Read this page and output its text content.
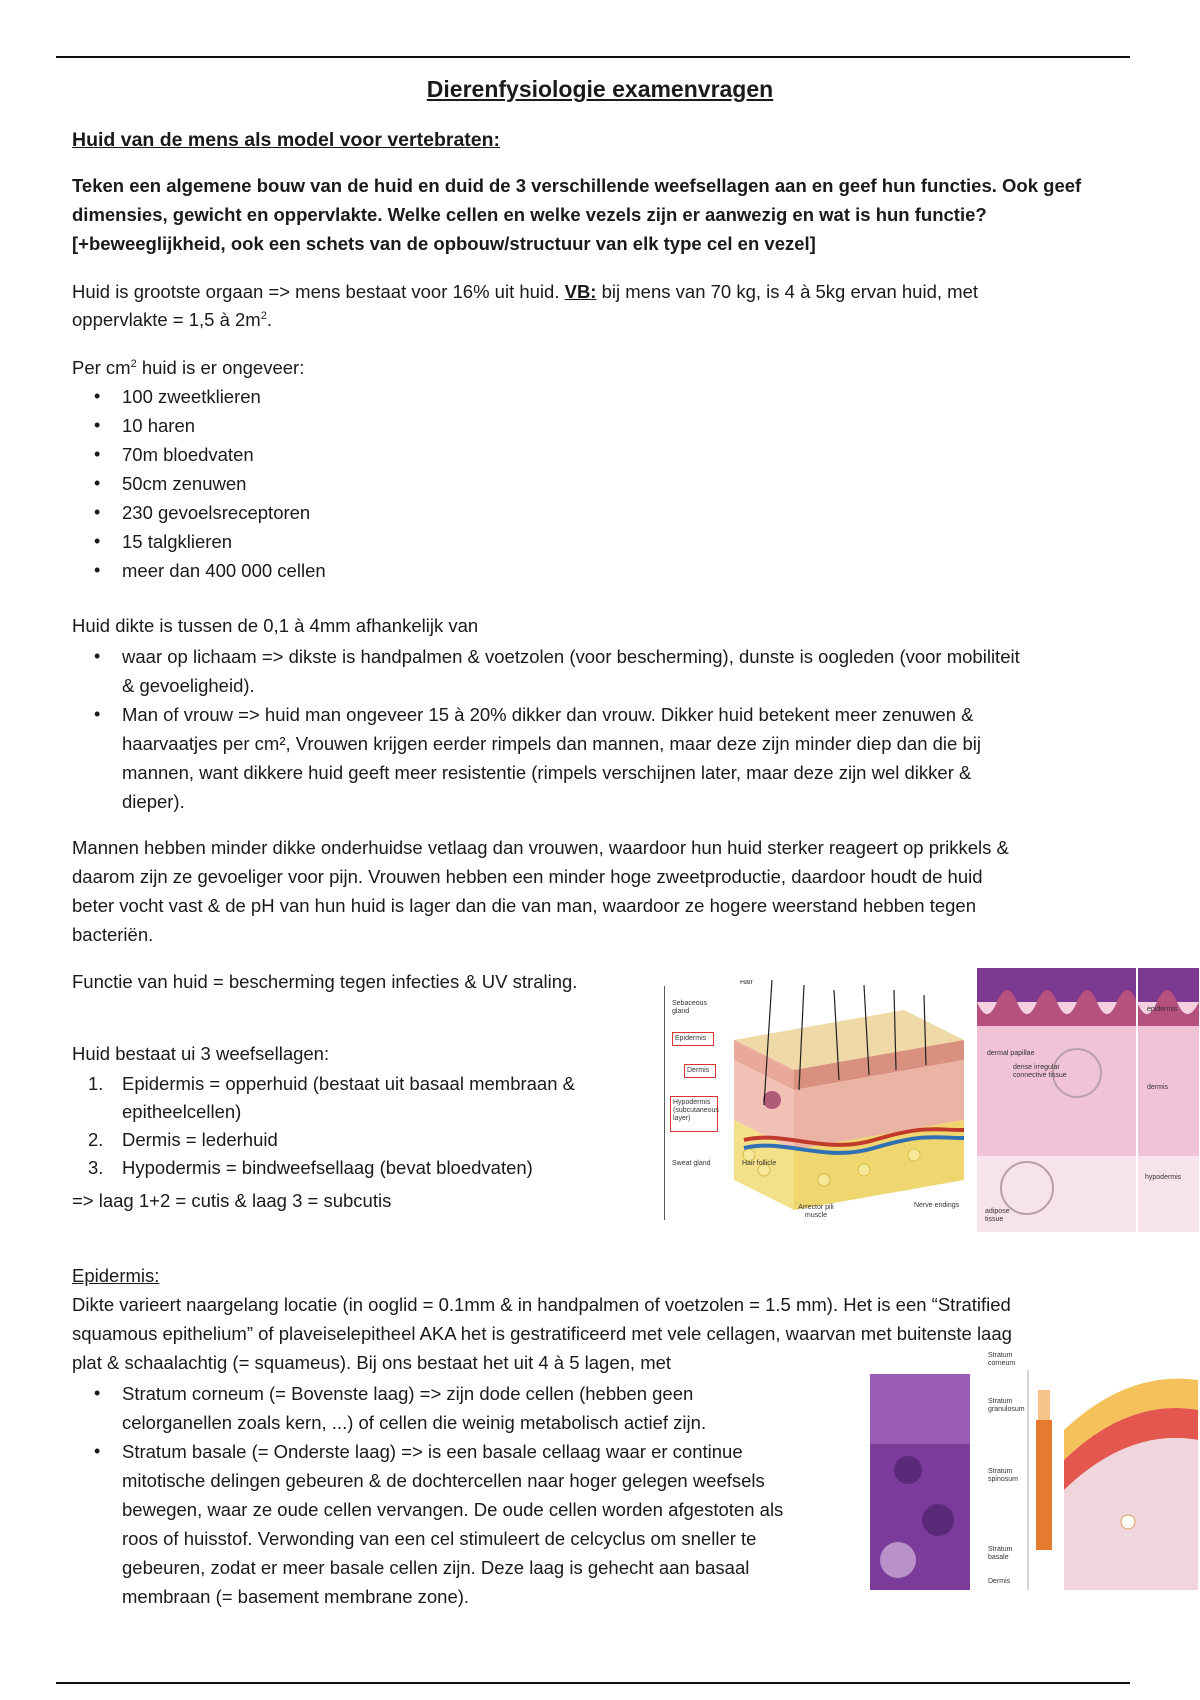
Dierenfysiologie examenvragen

Huid van de mens als model voor vertebraten:

Teken een algemene bouw van de huid en duid de 3 verschillende weefsellagen aan en geef hun functies. Ook geef

dimensies, gewicht en oppervlakte. Welke cellen en welke vezels zijn er aanwezig en wat is hun functie?

[+beweeglijkheid, ook een schets van de opbouw/structuur van elk type cel en vezel]

Huid is grootste orgaan => mens bestaat voor 16% uit huid. VB: bij mens van 70 kg, is 4 à 5kg ervan huid, met

oppervlakte = 1,5 à $2m^2$.

Per $cm^2$ huid is er ongeveer:

• 100 zweetklieren
• 10 haren
• 70m bloedvaten
• 50cm zenuwen
• 230 gevoelsreceptoren
• 15 talgklieren
• meer dan 400 000 cellen

Huid dikte is tussen de 0,1 à 4mm afhankelijk van

• waar op lichaam => dikste is handpalmen & voetzolen (voor bescherming), dunste is oogleden (voor mobiliteit
& gevoeligheid).
• Man of vrouw => huid man ongeveer 15 à 20% dikker dan vrouw. Dikker huid betekent meer zenuwen &
haarvaatjes per cm², Vrouwen krijgen eerder rimpels dan mannen, maar deze zijn minder diep dan die bij
mannen, want dikkere huid geeft meer resistentie (rimpels verschijnen later, maar deze zijn wel dikker &
dieper).

Mannen hebben minder dikke onderhuidse vetlaag dan vrouwen, waardoor hun huid sterker reageert op prikkels &

daarom zijn ze gevoeliger voor pijn. Vrouwen hebben een minder hoge zweetproductie, daardoor houdt de huid

beter vocht vast & de pH van hun huid is lager dan die van man, waardoor ze hogere weerstand hebben tegen

bacteriën.

Functie van huid = bescherming tegen infecties & UV straling.

Huid bestaat ui 3 weefsellagen:

1. Epidermis = opperhuid (bestaat uit basaal membraan &
epitheelcellen)
2. Dermis = lederhuid
3. Hypodermis = bindweefsellaag (bevat bloedvaten)

=> laag 1+2 = cutis & laag 3 = subcutis

Hair
Sebaceous gland
Epidermis
Dermis
Hypodermis (subcutaneous layer)
Sweat gland	Hair follicle
Arrector pili muscle
Nerve endings
epidermis
dermal papillae
dense irregular connective tissue
dermis
hypodermis
adipose tissue

Epidermis:

Dikte varieert naargelang locatie (in ooglid = 0.1mm & in handpalmen of voetzolen = 1.5 mm). Het is een “Stratified

squamous epithelium” of plaveiselepitheel AKA het is gestratificeerd met vele cellagen, waarvan met buitenste laag

plat & schaalachtig (= squameus). Bij ons bestaat het uit 4 à 5 lagen, met

• Stratum corneum (= Bovenste laag) => zijn dode cellen (hebben geen
celorganellen zoals kern, ...) of cellen die weinig metabolisch actief zijn.
• Stratum basale (= Onderste laag) => is een basale cellaag waar er continue
mitotische delingen gebeuren & de dochtercellen naar hoger gelegen weefsels
bewegen, waar ze oude cellen vervangen. De oude cellen worden afgestoten als
roos of huisstof. Verwonding van een cel stimuleert de celcyclus om sneller te
gebeuren, zodat er meer basale cellen zijn. Deze laag is gehecht aan basaal
membraan (= basement membrane zone).
Stratum corneum
Stratum granulosum
Stratum spinosum
Stratum basale
Dermis
